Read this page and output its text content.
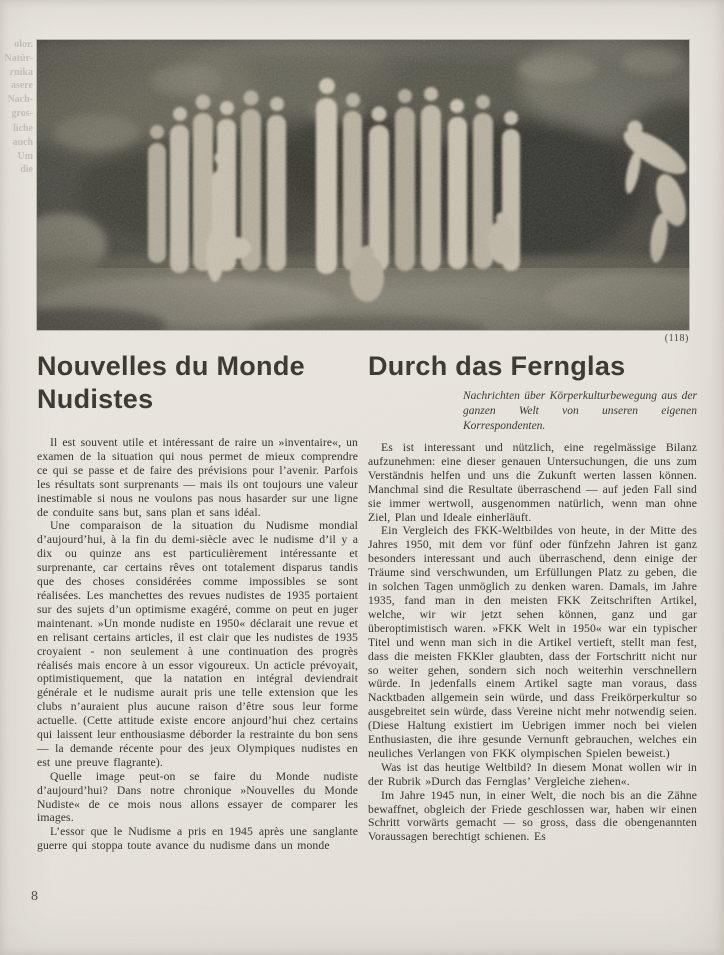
olor.
Natür-
rnika
asere
Nach-
gros-
liche
auch
Um
die
(118)
Nouvelles du Monde
Nudistes

Il est souvent utile et intéressant de raire un »inventaire«, un examen de la situation qui nous permet de mieux comprendre ce qui se passe et de faire des prévisions pour l’avenir. Parfois les résultats sont surprenants — mais ils ont toujours une valeur inestimable si nous ne voulons pas nous hasarder sur une ligne de conduite sans but, sans plan et sans idéal.

Une comparaison de la situation du Nudisme mondial d’aujourd’hui, à la fin du demi-siècle avec le nudisme d’il y a dix ou quinze ans est particulièrement intéressante et surprenante, car certains rêves ont totalement disparus tandis que des choses considérées comme impossibles se sont réalisées. Les manchettes des revues nudistes de 1935 portaient sur des sujets d’un optimisme exagéré, comme on peut en juger maintenant. »Un monde nudiste en 1950« déclarait une revue et en relisant certains articles, il est clair que les nudistes de 1935 croyaient - non seulement à une continuation des progrès réalisés mais encore à un essor vigoureux. Un acticle prévoyait, optimistiquement, que la natation en intégral deviendrait générale et le nudisme aurait pris une telle extension que les clubs n’auraient plus aucune raison d’être sous leur forme actuelle. (Cette attitude existe encore anjourd’hui chez certains qui laissent leur enthousiasme déborder la restrainte du bon sens — la demande récente pour des jeux Olympiques nudistes en est une preuve flagrante).

Quelle image peut-on se faire du Monde nudiste d’aujourd’hui? Dans notre chronique »Nouvelles du Monde Nudiste« de ce mois nous allons essayer de comparer les images.

L’essor que le Nudisme a pris en 1945 après une sanglante guerre qui stoppa toute avance du nudisme dans un monde

Durch das Fernglas
Nachrichten über Körperkulturbewegung aus der ganzen Welt von unseren eigenen Korrespondenten.

Es ist interessant und nützlich, eine regelmässige Bilanz aufzunehmen: eine dieser genauen Untersuchungen, die uns zum Verständnis helfen und uns die Zukunft werten lassen können. Manchmal sind die Resultate überraschend — auf jeden Fall sind sie immer wertwoll, ausgenommen natürlich, wenn man ohne Ziel, Plan und Ideale einherläuft.

Ein Vergleich des FKK-Weltbildes von heute, in der Mitte des Jahres 1950, mit dem vor fünf oder fünfzehn Jahren ist ganz besonders interessant und auch überraschend, denn einige der Träume sind verschwunden, um Erfüllungen Platz zu geben, die in solchen Tagen unmöglich zu denken waren. Damals, im Jahre 1935, fand man in den meisten FKK Zeitschriften Artikel, welche, wir wir jetzt sehen können, ganz und gar überoptimistisch waren. »FKK Welt in 1950« war ein typischer Titel und wenn man sich in die Artikel vertieft, stellt man fest, dass die meisten FKKler glaubten, dass der Fortschritt nicht nur so weiter gehen, sondern sich noch weiterhin verschnellern würde. In jedenfalls einem Artikel sagte man voraus, dass Nacktbaden allgemein sein würde, und dass Freikörperkultur so ausgebreitet sein würde, dass Vereine nicht mehr notwendig seien. (Diese Haltung existiert im Uebrigen immer noch bei vielen Enthusiasten, die ihre gesunde Vernunft gebrauchen, welches ein neuliches Verlangen von FKK olympischen Spielen beweist.)

Was ist das heutige Weltbild? In diesem Monat wollen wir in der Rubrik »Durch das Fernglas’ Vergleiche ziehen«.

Im Jahre 1945 nun, in einer Welt, die noch bis an die Zähne bewaffnet, obgleich der Friede geschlossen war, haben wir einen Schritt vorwärts gemacht — so gross, dass die obengenannten Voraussagen berechtigt schienen. Es

8
